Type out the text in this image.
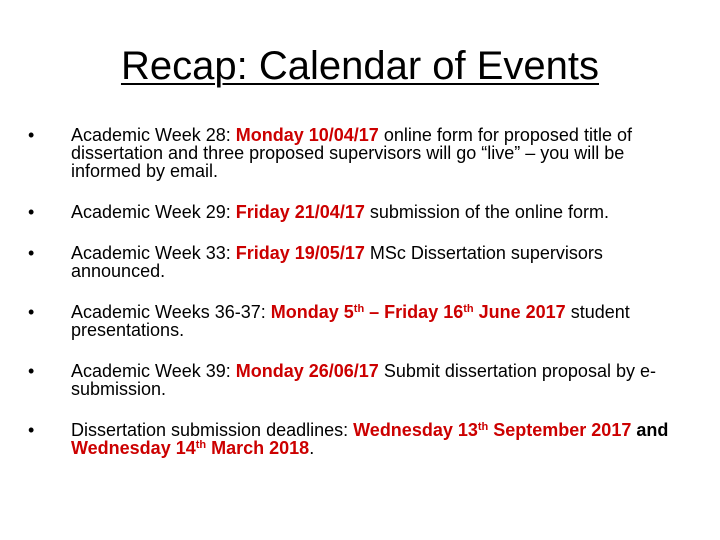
Recap: Calendar of Events
•	Academic Week 28: Monday 10/04/17 online form for proposed title of dissertation and three proposed supervisors will go “live” – you will be informed by email.
•	Academic Week 29: Friday 21/04/17 submission of the online form.
•	Academic Week 33: Friday 19/05/17 MSc Dissertation supervisors announced.
•	Academic Weeks 36-37: Monday 5th – Friday 16th June 2017 student presentations.
•	Academic Week 39: Monday 26/06/17 Submit dissertation proposal by e-submission.
•	Dissertation submission deadlines: Wednesday 13th September 2017 and Wednesday 14th March 2018.
